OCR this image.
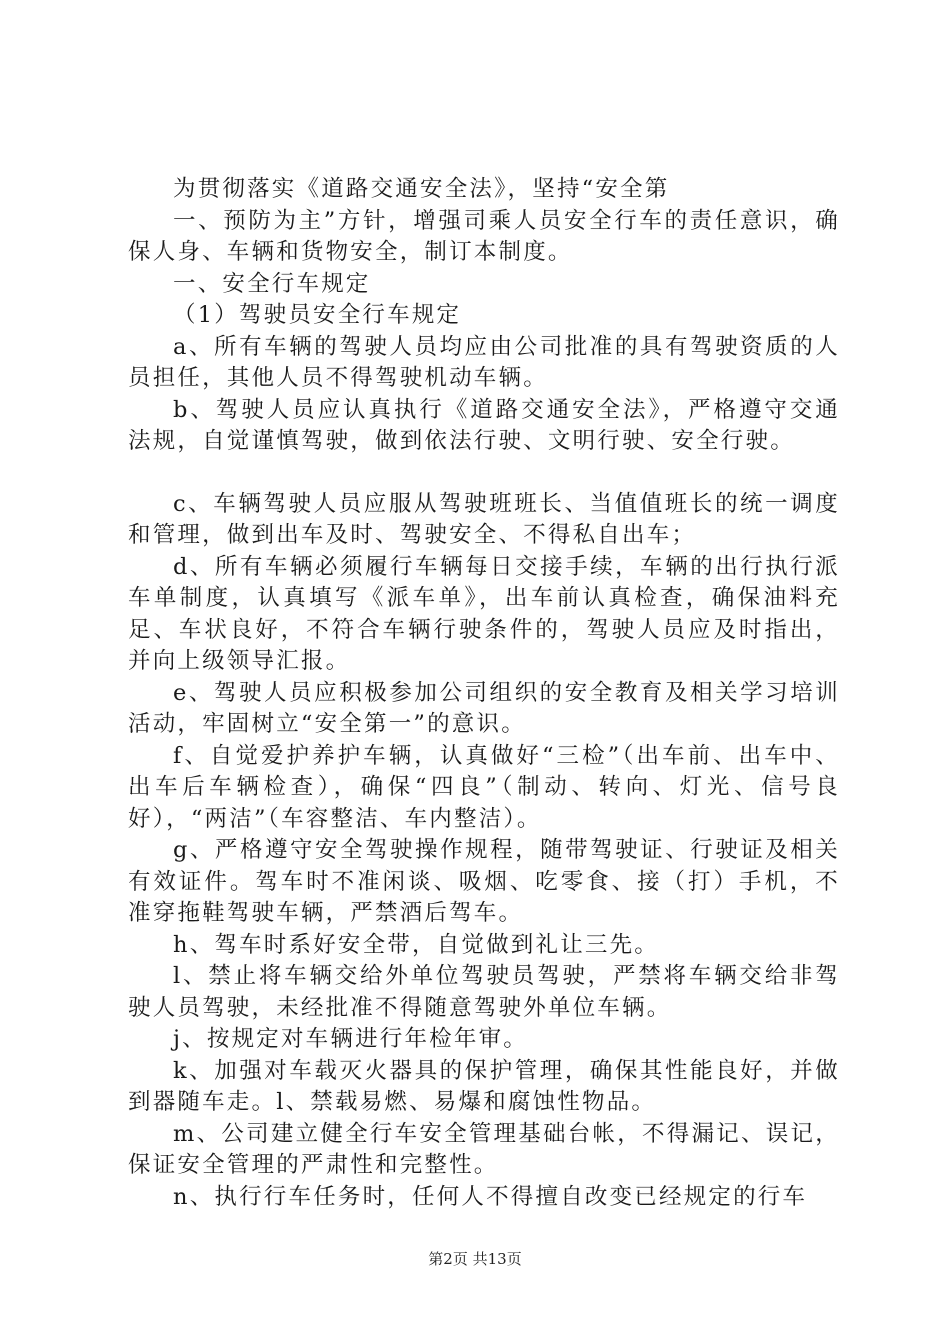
为贯彻落实《道路交通安全法》，坚持“安全第

一、预防为主”方针，增强司乘人员安全行车的责任意识，确保人身、车辆和货物安全，制订本制度。

一、安全行车规定

（1）驾驶员安全行车规定

a、所有车辆的驾驶人员均应由公司批准的具有驾驶资质的人员担任，其他人员不得驾驶机动车辆。

b、驾驶人员应认真执行《道路交通安全法》，严格遵守交通法规，自觉谨慎驾驶，做到依法行驶、文明行驶、安全行驶。

c、车辆驾驶人员应服从驾驶班班长、当值值班长的统一调度和管理，做到出车及时、驾驶安全、不得私自出车；

d、所有车辆必须履行车辆每日交接手续，车辆的出行执行派车单制度，认真填写《派车单》，出车前认真检查，确保油料充足、车状良好，不符合车辆行驶条件的，驾驶人员应及时指出，并向上级领导汇报。

e、驾驶人员应积极参加公司组织的安全教育及相关学习培训活动，牢固树立“安全第一”的意识。

f、自觉爱护养护车辆，认真做好“三检”（出车前、出车中、出车后车辆检查），确保“四良”（制动、转向、灯光、信号良好），“两洁”（车容整洁、车内整洁）。

g、严格遵守安全驾驶操作规程，随带驾驶证、行驶证及相关有效证件。驾车时不准闲谈、吸烟、吃零食、接（打）手机，不准穿拖鞋驾驶车辆，严禁酒后驾车。

h、驾车时系好安全带，自觉做到礼让三先。

l、禁止将车辆交给外单位驾驶员驾驶，严禁将车辆交给非驾驶人员驾驶，未经批准不得随意驾驶外单位车辆。

j、按规定对车辆进行年检年审。

k、加强对车载灭火器具的保护管理，确保其性能良好，并做到器随车走。l、禁载易燃、易爆和腐蚀性物品。

m、公司建立健全行车安全管理基础台帐，不得漏记、误记，保证安全管理的严肃性和完整性。

n、执行行车任务时，任何人不得擅自改变已经规定的行车

第2页 共13页
